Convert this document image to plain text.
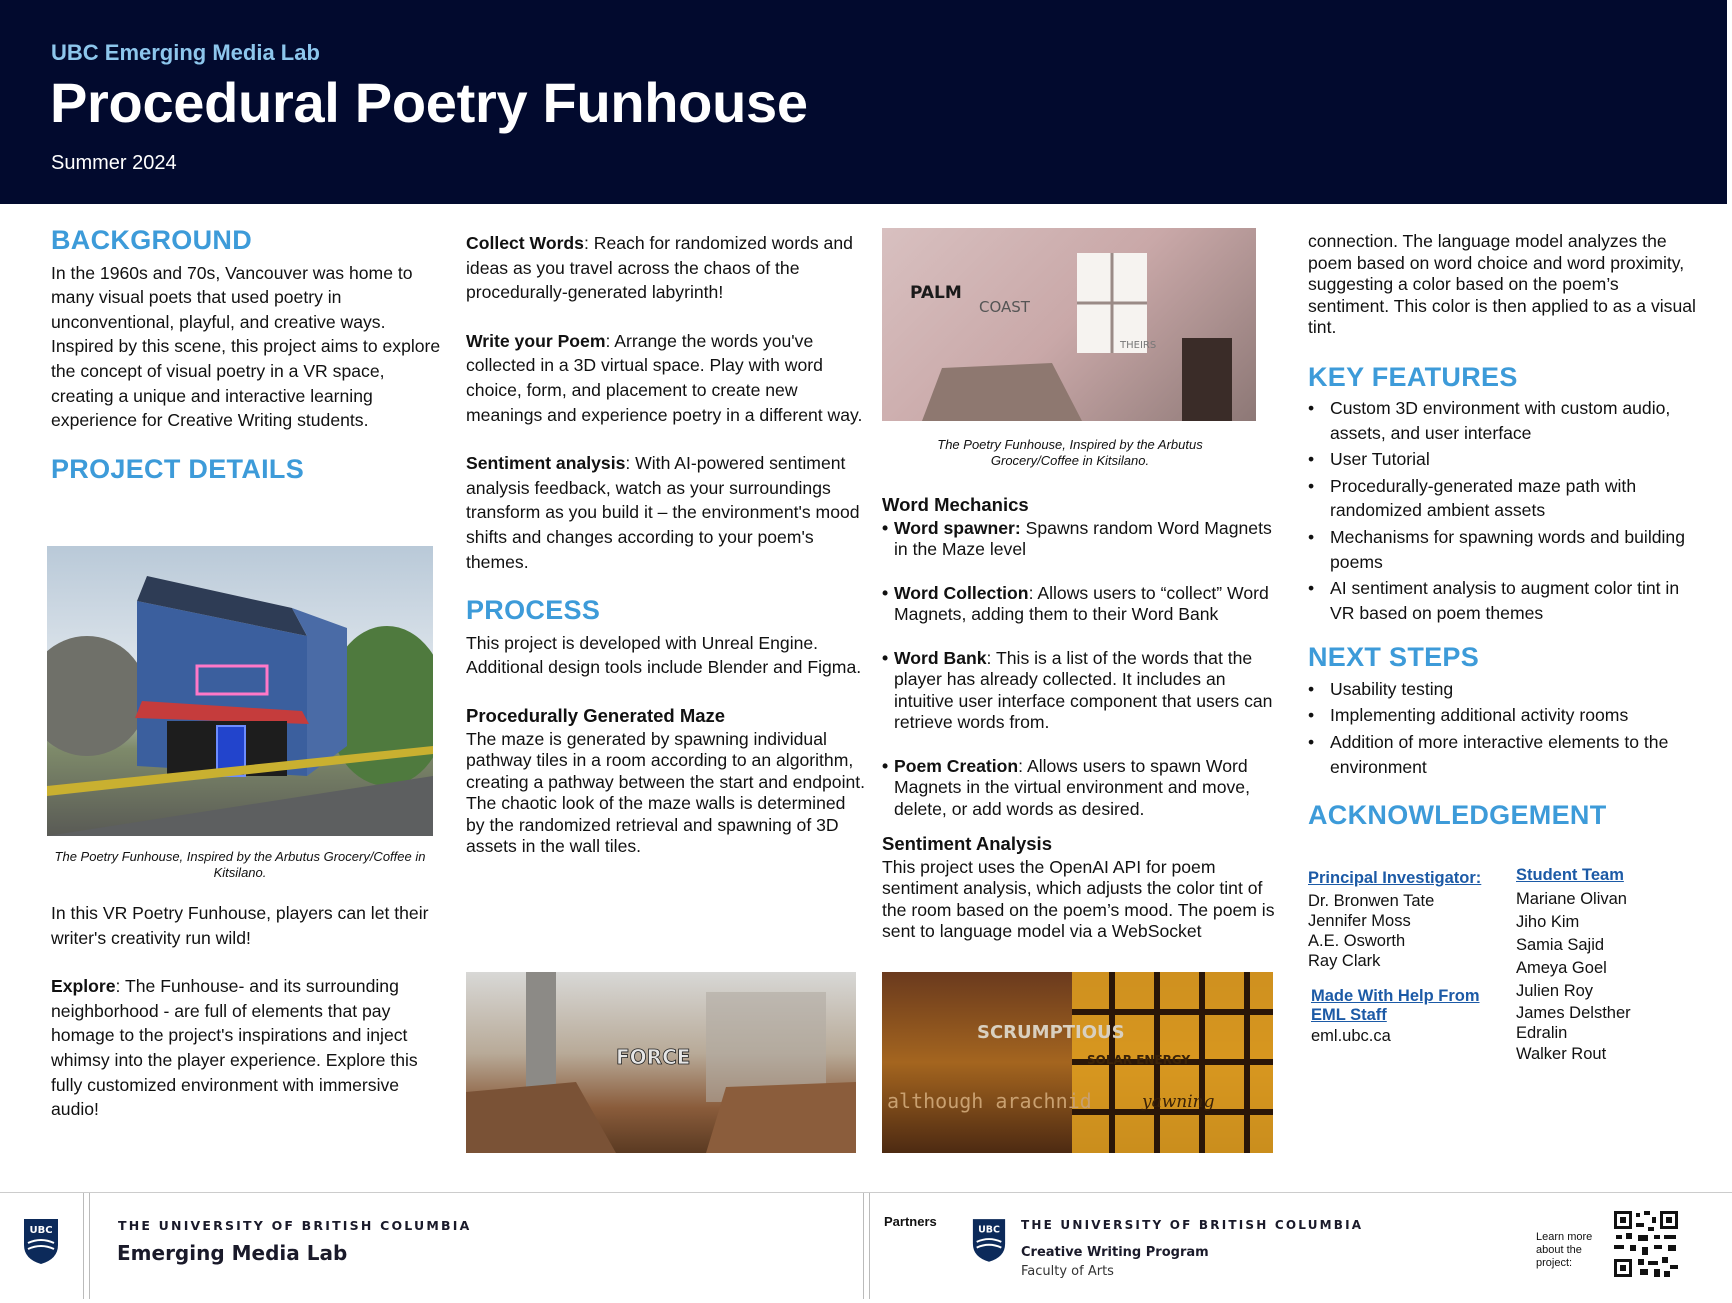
UBC Emerging Media Lab
Procedural Poetry Funhouse
Summer 2024
BACKGROUND

In the 1960s and 70s, Vancouver was home to many visual poets that used poetry in unconventional, playful, and creative ways. Inspired by this scene, this project aims to explore the concept of visual poetry in a VR space, creating a unique and interactive learning experience for Creative Writing students.

PROJECT DETAILS
The Poetry Funhouse, Inspired by the Arbutus Grocery/Coffee in Kitsilano.

In this VR Poetry Funhouse, players can let their writer's creativity run wild!

Explore: The Funhouse- and its surrounding neighborhood - are full of elements that pay homage to the project's inspirations and inject whimsy into the player experience. Explore this fully customized environment with immersive audio!

Collect Words: Reach for randomized words and ideas as you travel across the chaos of the procedurally-generated labyrinth!

Write your Poem: Arrange the words you've collected in a 3D virtual space. Play with word choice, form, and placement to create new meanings and experience poetry in a different way.

Sentiment analysis: With AI-powered sentiment analysis feedback, watch as your surroundings transform as you build it – the environment's mood shifts and changes according to your poem's themes.

PROCESS

This project is developed with Unreal Engine. Additional design tools include Blender and Figma.

Procedurally Generated Maze

The maze is generated by spawning individual pathway tiles in a room according to an algorithm, creating a pathway between the start and endpoint. The chaotic look of the maze walls is determined by the randomized retrieval and spawning of 3D assets in the wall tiles.

FORCE
PALM
COAST
THEIRS
The Poetry Funhouse, Inspired by the Arbutus Grocery/Coffee in Kitsilano.
Word Mechanics
• Word spawner: Spawns random Word Magnets in the Maze level
• Word Collection: Allows users to “collect” Word Magnets, adding them to their Word Bank
• Word Bank: This is a list of the words that the player has already collected. It includes an intuitive user interface component that users can retrieve words from.
• Poem Creation: Allows users to spawn Word Magnets in the virtual environment and move, delete, or add words as desired.
Sentiment Analysis

This project uses the OpenAI API for poem sentiment analysis, which adjusts the color tint of the room based on the poem’s mood. The poem is sent to language model via a WebSocket

SCRUMPTIOUS
SOLAR ENERGY
although arachnid	yawning

connection. The language model analyzes the poem based on word choice and word proximity, suggesting a color based on the poem’s sentiment. This color is then applied to as a visual tint.

KEY FEATURES
• Custom 3D environment with custom audio, assets, and user interface
• User Tutorial
• Procedurally-generated maze path with randomized ambient assets
• Mechanisms for spawning words and building poems
• AI sentiment analysis to augment color tint in VR based on poem themes
NEXT STEPS
• Usability testing
• Implementing additional activity rooms
• Addition of more interactive elements to the environment
ACKNOWLEDGEMENT
Principal Investigator:
Dr. Bronwen Tate
Jennifer Moss
A.E. Osworth
Ray Clark
Made With Help From EML Staff
eml.ubc.ca
Student Team
Mariane Olivan
Jiho Kim
Samia Sajid
Ameya Goel
Julien Roy
James Delsther Edralin
Walker Rout
UBC	THE UNIVERSITY OF BRITISH COLUMBIA
Emerging Media Lab
Partners
UBC THE UNIVERSITY OF BRITISH COLUMBIA
Creative Writing Program
Faculty of Arts
Learn more about the project:
